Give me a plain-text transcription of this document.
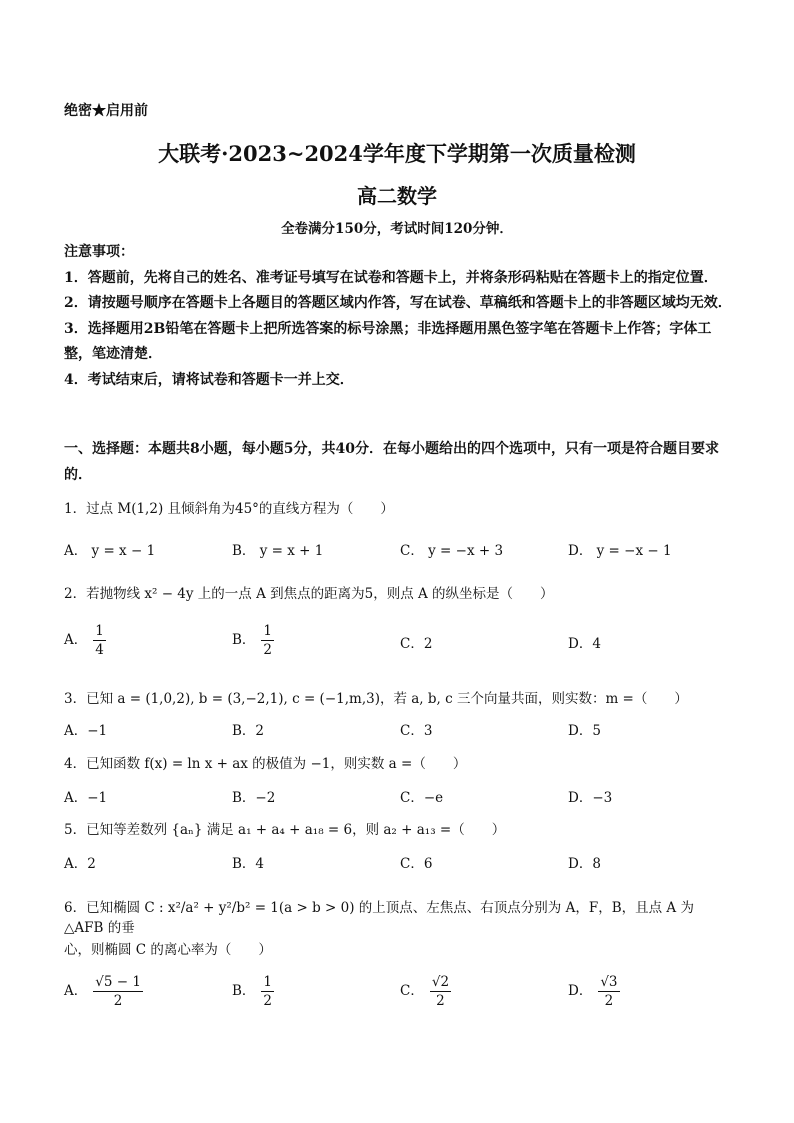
绝密★启用前
大联考·2023~2024学年度下学期第一次质量检测
高二数学
全卷满分150分，考试时间120分钟．

注意事项：

1．答题前，先将自己的姓名、准考证号填写在试卷和答题卡上，并将条形码粘贴在答题卡上的指定位置．

2．请按题号顺序在答题卡上各题目的答题区域内作答，写在试卷、草稿纸和答题卡上的非答题区域均无效．

3．选择题用2B铅笔在答题卡上把所选答案的标号涂黑；非选择题用黑色签字笔在答题卡上作答；字体工整，笔迹清楚．

4．考试结束后，请将试卷和答题卡一并上交．

一、选择题：本题共8小题，每小题5分，共40分．在每小题给出的四个选项中，只有一项是符合题目要求的．
1．过点 M(1,2) 且倾斜角为45°的直线方程为（　　）
A． y = x − 1	B． y = x + 1	C． y = −x + 3	D． y = −x − 1
2．若抛物线 x² − 4y 上的一点 A 到焦点的距离为5，则点 A 的纵坐标是（　　）
A． $\frac{1}{4}$	B． $\frac{1}{2}$	C．2	D．4
3．已知 a = (1,0,2), b = (3,−2,1), c = (−1,m,3)，若 a, b, c 三个向量共面，则实数：m =（　　）
A．−1	B．2	C．3	D．5
4．已知函数 f(x) = ln x + ax 的极值为 −1，则实数 a =（　　）
A．−1	B．−2	C．−e	D．−3
5．已知等差数列 {aₙ} 满足 a₁ + a₄ + a₁₈ = 6，则 a₂ + a₁₃ =（　　）
A．2	B．4	C．6	D．8
6．已知椭圆 C : x²/a² + y²/b² = 1(a > b > 0) 的上顶点、左焦点、右顶点分别为 A，F，B，且点 A 为 △AFB 的垂
心，则椭圆 C 的离心率为（　　）
A． $\frac{√5 - 1}{2}$	B． $\frac{1}{2}$	C． $\frac{√2}{2}$	D． $\frac{√3}{2}$
